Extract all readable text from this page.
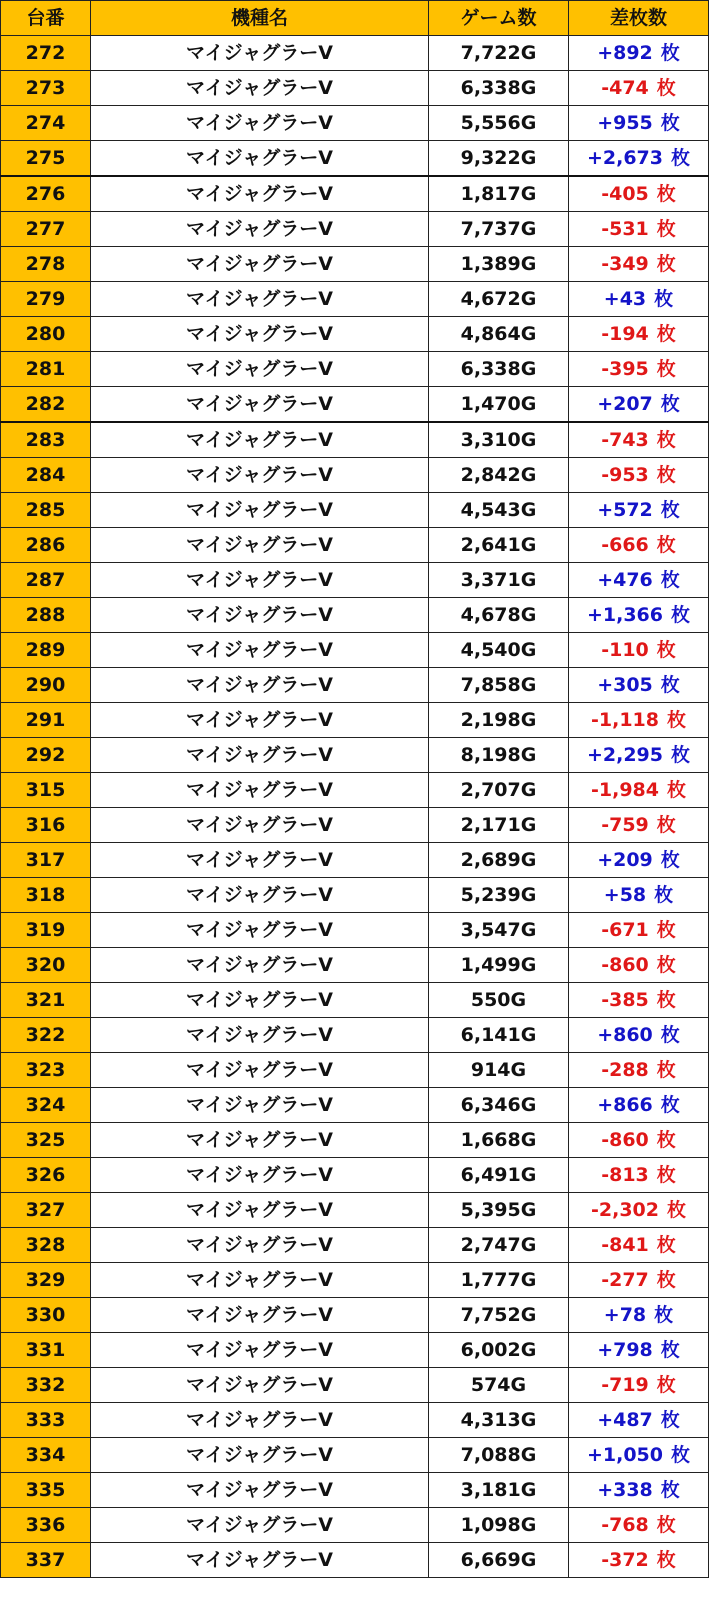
台番	機種名	ゲーム数	差枚数
272	マイジャグラーV	7,722G	+892 枚
273	マイジャグラーV	6,338G	-474 枚
274	マイジャグラーV	5,556G	+955 枚
275	マイジャグラーV	9,322G	+2,673 枚
276	マイジャグラーV	1,817G	-405 枚
277	マイジャグラーV	7,737G	-531 枚
278	マイジャグラーV	1,389G	-349 枚
279	マイジャグラーV	4,672G	+43 枚
280	マイジャグラーV	4,864G	-194 枚
281	マイジャグラーV	6,338G	-395 枚
282	マイジャグラーV	1,470G	+207 枚
283	マイジャグラーV	3,310G	-743 枚
284	マイジャグラーV	2,842G	-953 枚
285	マイジャグラーV	4,543G	+572 枚
286	マイジャグラーV	2,641G	-666 枚
287	マイジャグラーV	3,371G	+476 枚
288	マイジャグラーV	4,678G	+1,366 枚
289	マイジャグラーV	4,540G	-110 枚
290	マイジャグラーV	7,858G	+305 枚
291	マイジャグラーV	2,198G	-1,118 枚
292	マイジャグラーV	8,198G	+2,295 枚
315	マイジャグラーV	2,707G	-1,984 枚
316	マイジャグラーV	2,171G	-759 枚
317	マイジャグラーV	2,689G	+209 枚
318	マイジャグラーV	5,239G	+58 枚
319	マイジャグラーV	3,547G	-671 枚
320	マイジャグラーV	1,499G	-860 枚
321	マイジャグラーV	550G	-385 枚
322	マイジャグラーV	6,141G	+860 枚
323	マイジャグラーV	914G	-288 枚
324	マイジャグラーV	6,346G	+866 枚
325	マイジャグラーV	1,668G	-860 枚
326	マイジャグラーV	6,491G	-813 枚
327	マイジャグラーV	5,395G	-2,302 枚
328	マイジャグラーV	2,747G	-841 枚
329	マイジャグラーV	1,777G	-277 枚
330	マイジャグラーV	7,752G	+78 枚
331	マイジャグラーV	6,002G	+798 枚
332	マイジャグラーV	574G	-719 枚
333	マイジャグラーV	4,313G	+487 枚
334	マイジャグラーV	7,088G	+1,050 枚
335	マイジャグラーV	3,181G	+338 枚
336	マイジャグラーV	1,098G	-768 枚
337	マイジャグラーV	6,669G	-372 枚
